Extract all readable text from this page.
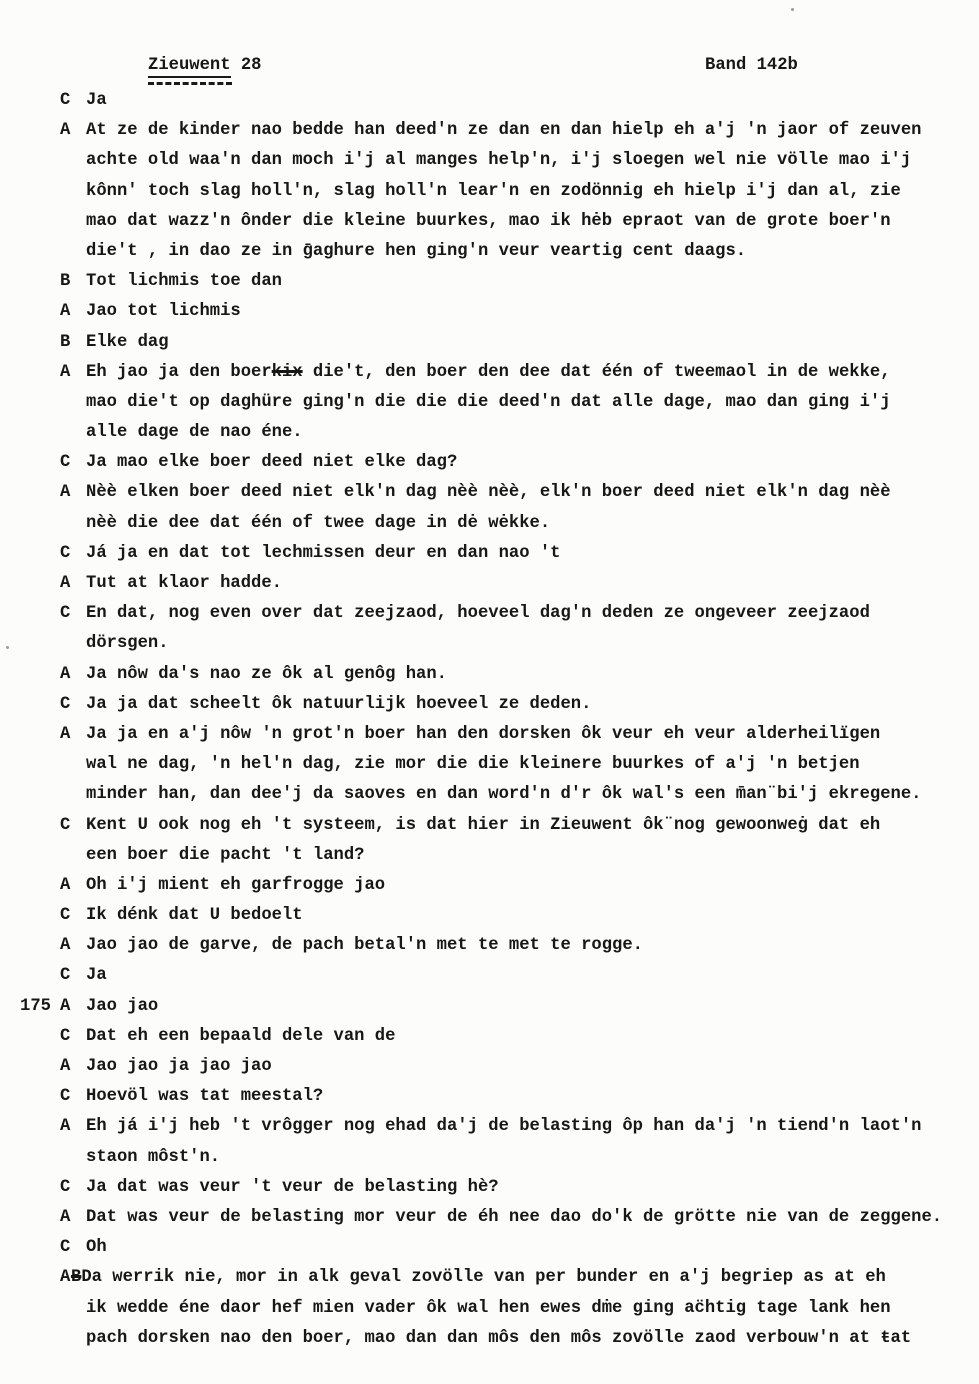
Zieuwent 28	Band 142b
C Ja
A At ze de kinder nao bedde han deed'n ze dan en dan hielp eh a'j 'n jaor of zeuven
achte old waa'n dan moch i'j al manges help'n, i'j sloegen wel nie völle mao i'j
kônn' toch slag holl'n, slag holl'n lear'n en zodönnig eh hielp i'j dan al, zie
mao dat wazz'n ônder die kleine buurkes, mao ik hėb epraot van de grote boer'n
die't , in dao ze in ḡaghure hen ging'n veur veartig cent daags.
B Tot lichmis toe dan
A Jao tot lichmis
B Elke dag
A Eh jao ja den boerkix die't, den boer den dee dat één of tweemaol in de wekke,
mao die't op daghüre ging'n die die die deed'n dat alle dage, mao dan ging i'j
alle dage de nao éne.
C Ja mao elke boer deed niet elke dag?
A Nèè elken boer deed niet elk'n dag nèè nèè, elk'n boer deed niet elk'n dag nèè
nèè die dee dat één of twee dage in dė wėkke.
C Já ja en dat tot lechmissen deur en dan nao 't
A Tut at klaor hadde.
C En dat, nog even over dat zeejzaod, hoeveel dag'n deden ze ongeveer zeejzaod
dörsgen.
A Ja nôw da's nao ze ôk al genôg han.
C Ja ja dat scheelt ôk natuurlijk hoeveel ze deden.
A Ja ja en a'j nôw 'n grot'n boer han den dorsken ôk veur eh veur alderheilïgen
wal ne dag, 'n hel'n dag, zie mor die die kleinere buurkes of a'j 'n betjen
minder han, dan dee'j da saoves en dan word'n d'r ôk wal's een m̄an¨bi'j ekregene.
C Kent U ook nog eh 't systeem, is dat hier in Zieuwent ôk¨nog gewoonweġ dat eh
een boer die pacht 't land?
A Oh i'j mient eh garfrogge jao
C Ik dénk dat U bedoelt
A Jao jao de garve, de pach betal'n met te met te rogge.
C Ja
175 A Jao jao
C Dat eh een bepaald dele van de
A Jao jao ja jao jao
C Hoevöl was tat meestal?
A Eh já i'j heb 't vrôgger nog ehad da'j de belasting ôp han da'j 'n tiend'n laot'n
staon môst'n.
C Ja dat was veur 't veur de belasting hè?
A Dat was veur de belasting mor veur de éh nee dao do'k de grötte nie van de zeggene.
C Oh
A BDa werrik nie, mor in alk geval zovölle van per bunder en a'j begriep as at eh
ik wedde éne daor hef mien vader ôk wal hen ewes dṁe ging ac̈htig tage lank hen
pach dorsken nao den boer, mao dan dan môs den môs zovölle zaod verbouw'n at ŧat
